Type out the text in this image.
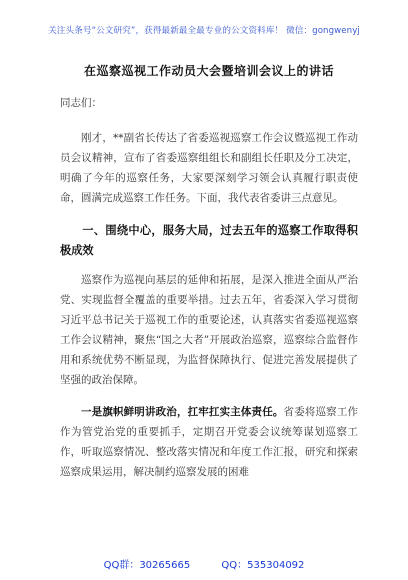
关注头条号“公文研究”，获得最新最全最专业的公文资料库！ 微信：gongwenyj
在巡察巡视工作动员大会暨培训会议上的讲话

同志们：

刚才，**副省长传达了省委巡视巡察工作会议暨巡视工作动员会议精神，宣布了省委巡察组组长和副组长任职及分工决定，明确了今年的巡察任务，大家要深刻学习领会认真履行职责使命，圆满完成巡察工作任务。下面，我代表省委讲三点意见。

一、围绕中心，服务大局，过去五年的巡察工作取得积极成效

巡察作为巡视向基层的延伸和拓展，是深入推进全面从严治党、实现监督全覆盖的重要举措。过去五年，省委深入学习贯彻习近平总书记关于巡视工作的重要论述，认真落实省委巡视巡察工作会议精神，聚焦“国之大者”开展政治巡察，巡察综合监督作用和系统优势不断显现，为监督保障执行、促进完善发展提供了坚强的政治保障。

一是旗帜鲜明讲政治，扛牢扛实主体责任。省委将巡察工作作为管党治党的重要抓手，定期召开党委会议统筹谋划巡察工作，听取巡察情况、整改落实情况和年度工作汇报，研究和探索巡察成果运用，解决制约巡察发展的困难

QQ群：30265665	QQ：535304092
